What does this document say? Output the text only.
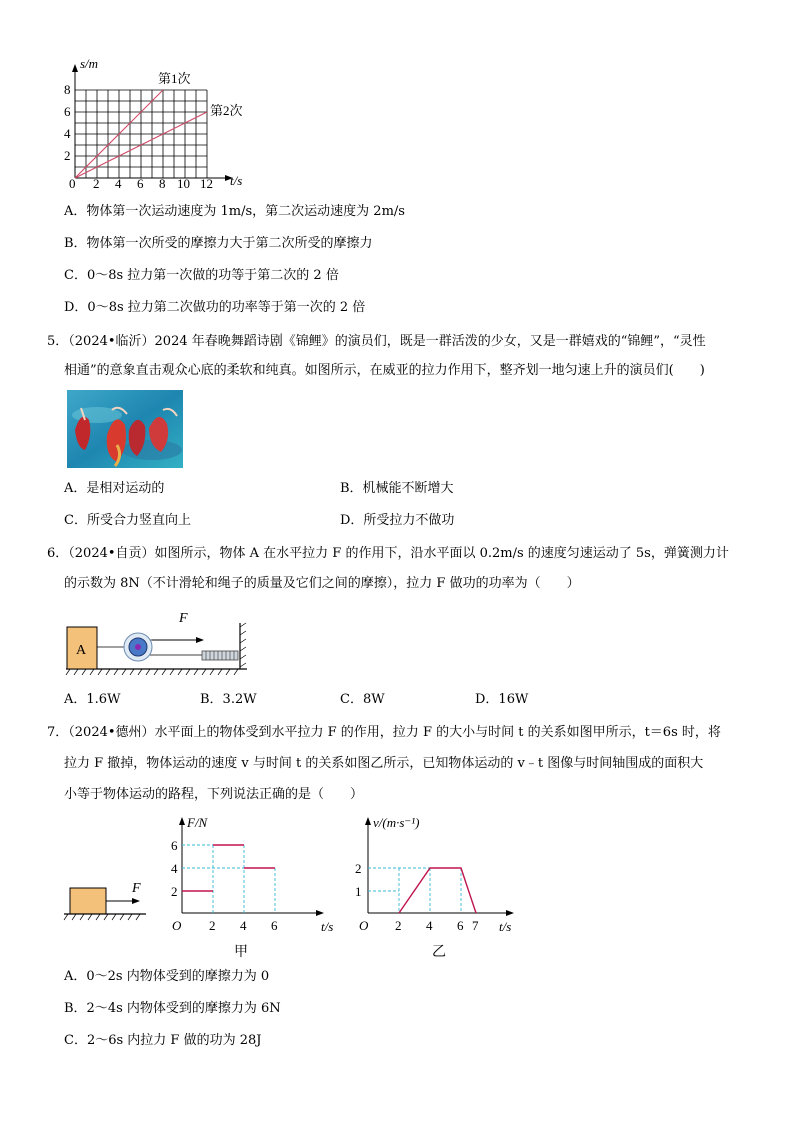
s/m
t/s
8
6
4
2
0 2 4 6 8 10 12
第1次
第2次
A．物体第一次运动速度为 1m/s，第二次运动速度为 2m/s
B．物体第一次所受的摩擦力大于第二次所受的摩擦力
C．0～8s 拉力第一次做的功等于第二次的 2 倍
D．0～8s 拉力第二次做功的功率等于第一次的 2 倍
5．（2024•临沂）2024 年春晚舞蹈诗剧《锦鲤》的演员们，既是一群活泼的少女，又是一群嬉戏的“锦鲤”，“灵性
相通”的意象直击观众心底的柔软和纯真。如图所示，在威亚的拉力作用下，整齐划一地匀速上升的演员们(　　)
A．是相对运动的	B．机械能不断增大
C．所受合力竖直向上	D．所受拉力不做功
6．（2024•自贡）如图所示，物体 A 在水平拉力 F 的作用下，沿水平面以 0.2m/s 的速度匀速运动了 5s，弹簧测力计
的示数为 8N（不计滑轮和绳子的质量及它们之间的摩擦），拉力 F 做功的功率为（　　）
A
F
A．1.6W	B．3.2W	C．8W	D．16W
7．（2024•德州）水平面上的物体受到水平拉力 F 的作用，拉力 F 的大小与时间 t 的关系如图甲所示，t＝6s 时，将
拉力 F 撤掉，物体运动的速度 v 与时间 t 的关系如图乙所示，已知物体运动的 v﹣t 图像与时间轴围成的面积大
小等于物体运动的路程，下列说法正确的是（　　）
F
F/N
t/s
O
6
4
2
2 4 6
甲
v/(m·s⁻¹)
t/s
O
2
1
2 4 6 7
乙
A．0～2s 内物体受到的摩擦力为 0
B．2～4s 内物体受到的摩擦力为 6N
C．2～6s 内拉力 F 做的功为 28J
